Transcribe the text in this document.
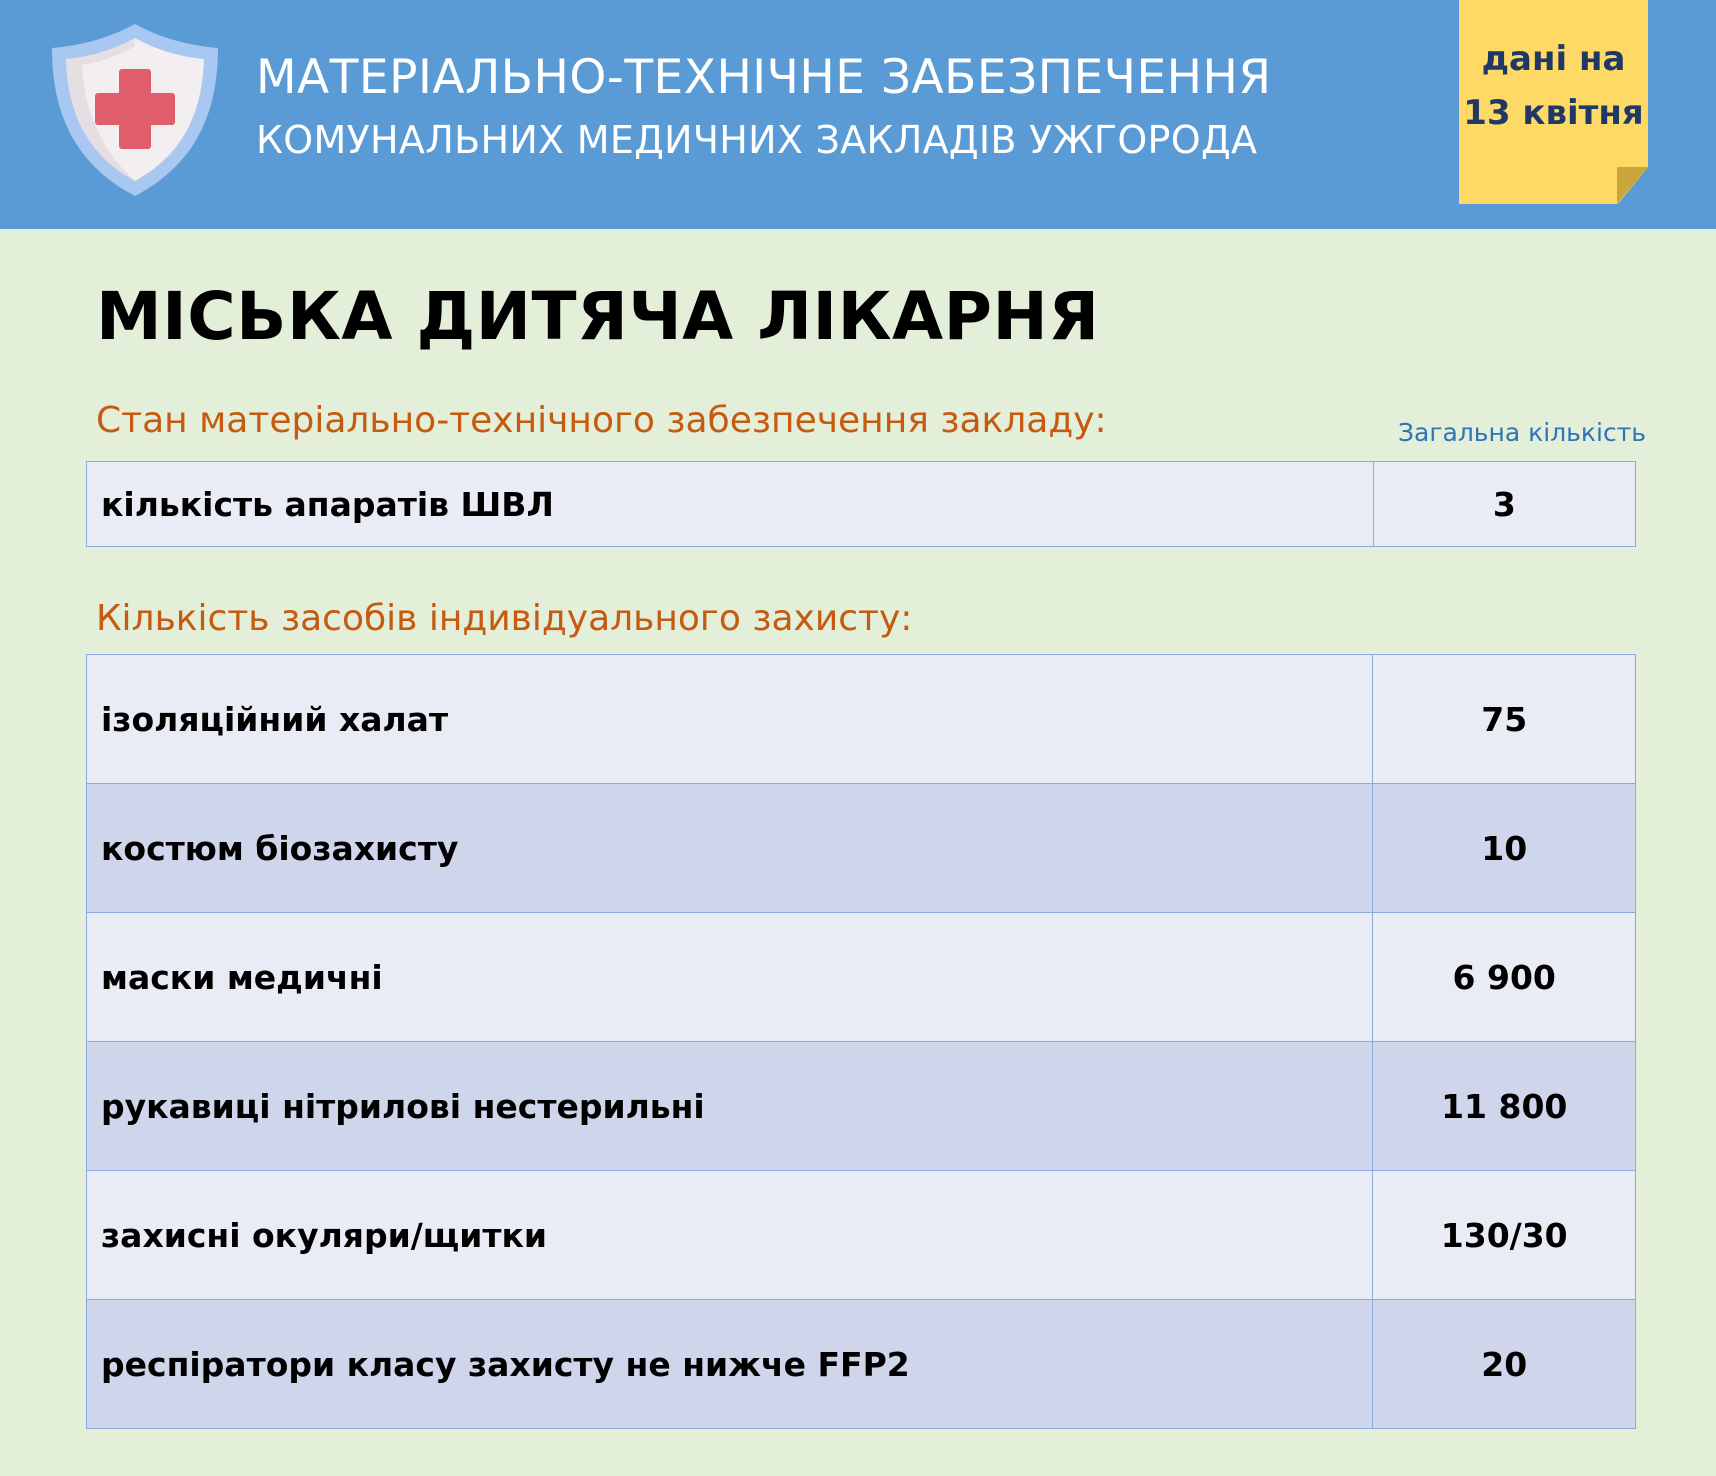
МАТЕРІАЛЬНО-ТЕХНІЧНЕ ЗАБЕЗПЕЧЕННЯ
КОМУНАЛЬНИХ МЕДИЧНИХ ЗАКЛАДІВ УЖГОРОДА
дані на
13 квітня
МІСЬКА ДИТЯЧА ЛІКАРНЯ
Стан матеріально-технічного забезпечення закладу:	Загальна кількість
кількість апаратів ШВЛ	3
Кількість засобів індивідуального захисту:
ізоляційний халат	75
костюм біозахисту	10
маски медичні	6 900
рукавиці нітрилові нестерильні	11 800
захисні окуляри/щитки	130/30
респіратори класу захисту не нижче FFP2	20
